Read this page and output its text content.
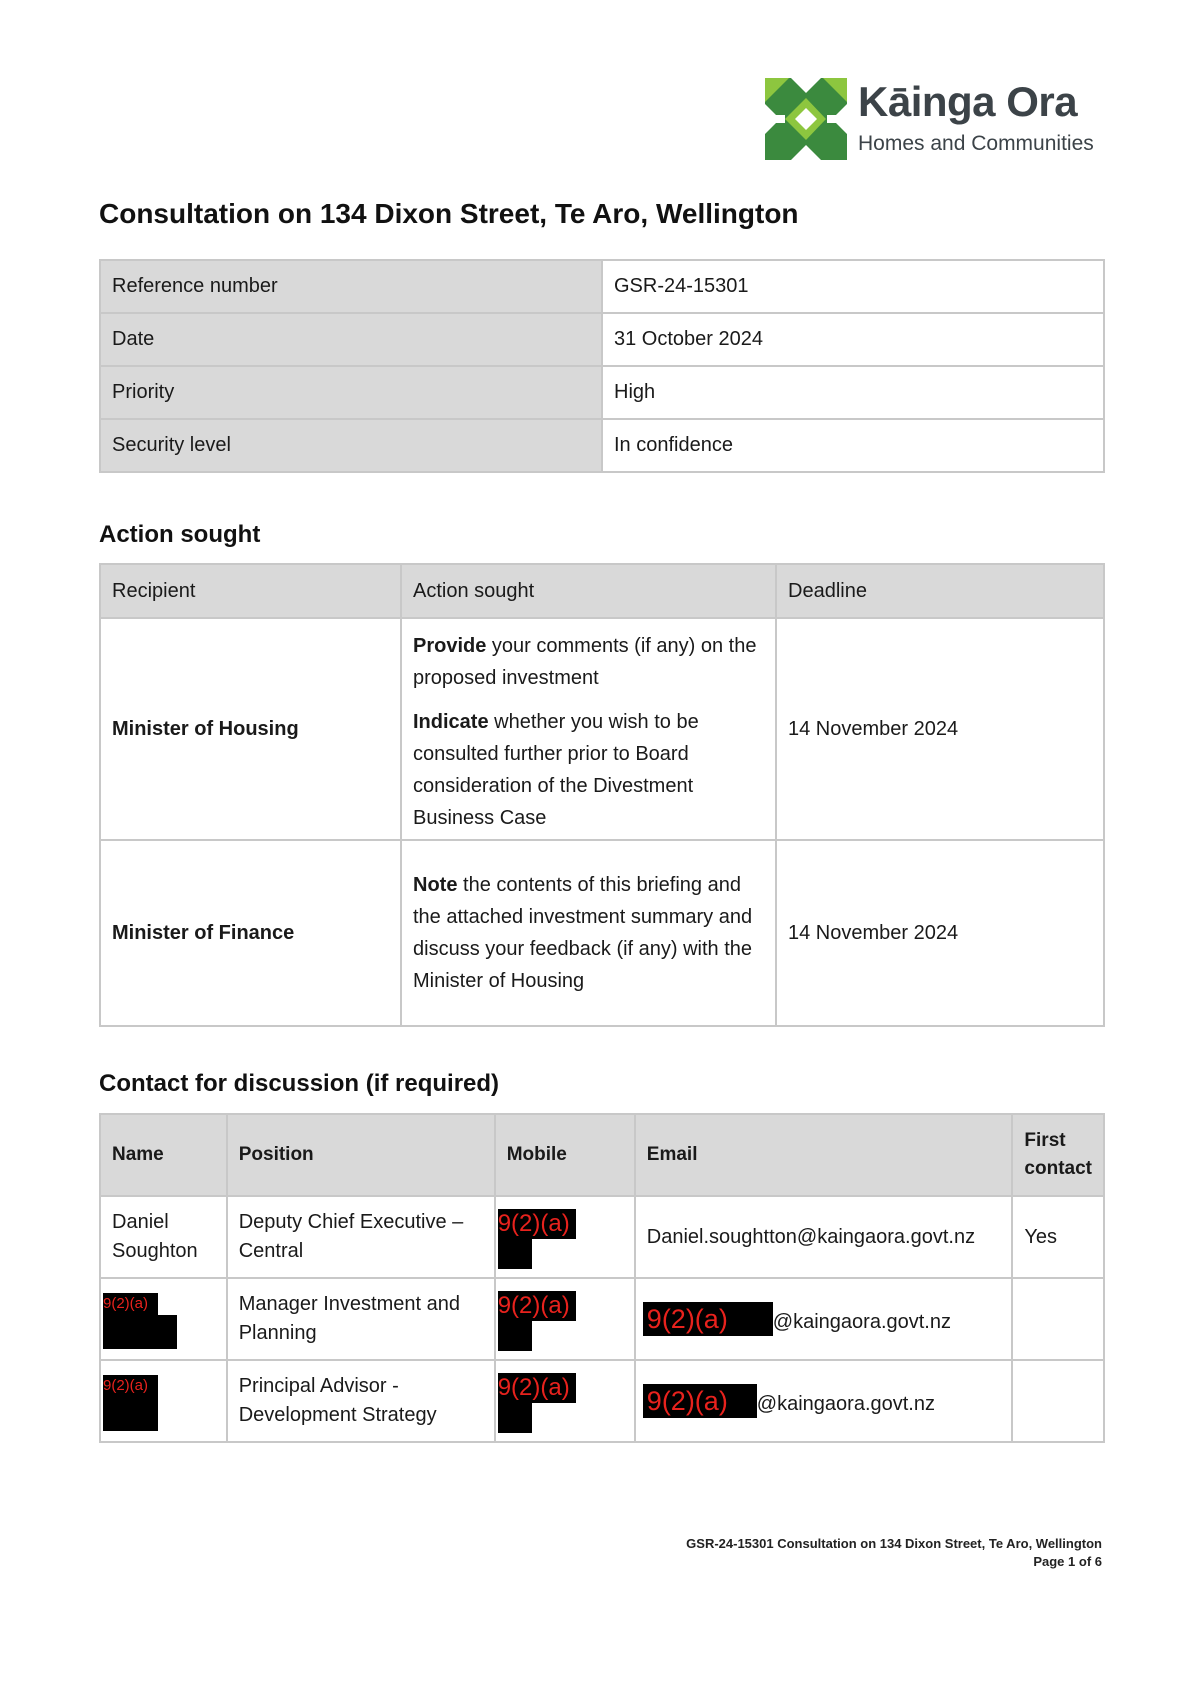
Kāinga Ora
Homes and Communities
Consultation on 134 Dixon Street, Te Aro, Wellington
Reference number	GSR-24-15301
Date	31 October 2024
Priority	High
Security level	In confidence
Action sought
Recipient	Action sought	Deadline
Minister of Housing	Provide your comments (if any) on the proposed investment

Indicate whether you wish to be consulted further prior to Board consideration of the Divestment Business Case	14 November 2024
Minister of Finance	Note the contents of this briefing and the attached investment summary and discuss your feedback (if any) with the Minister of Housing	14 November 2024
Contact for discussion (if required)
Name	Position	Mobile	Email	First contact
Daniel Soughton	Deputy Chief Executive – Central	9(2)(a)	Daniel.soughtton@kaingaora.govt.nz	Yes

9(2)(a)	Manager Investment and Planning	9(2)(a)	9(2)(a) @kaingaora.govt.nz	

9(2)(a)	Principal Advisor - Development Strategy	9(2)(a)	9(2)(a) @kaingaora.govt.nz	
GSR-24-15301 Consultation on 134 Dixon Street, Te Aro, Wellington
Page 1 of 6
